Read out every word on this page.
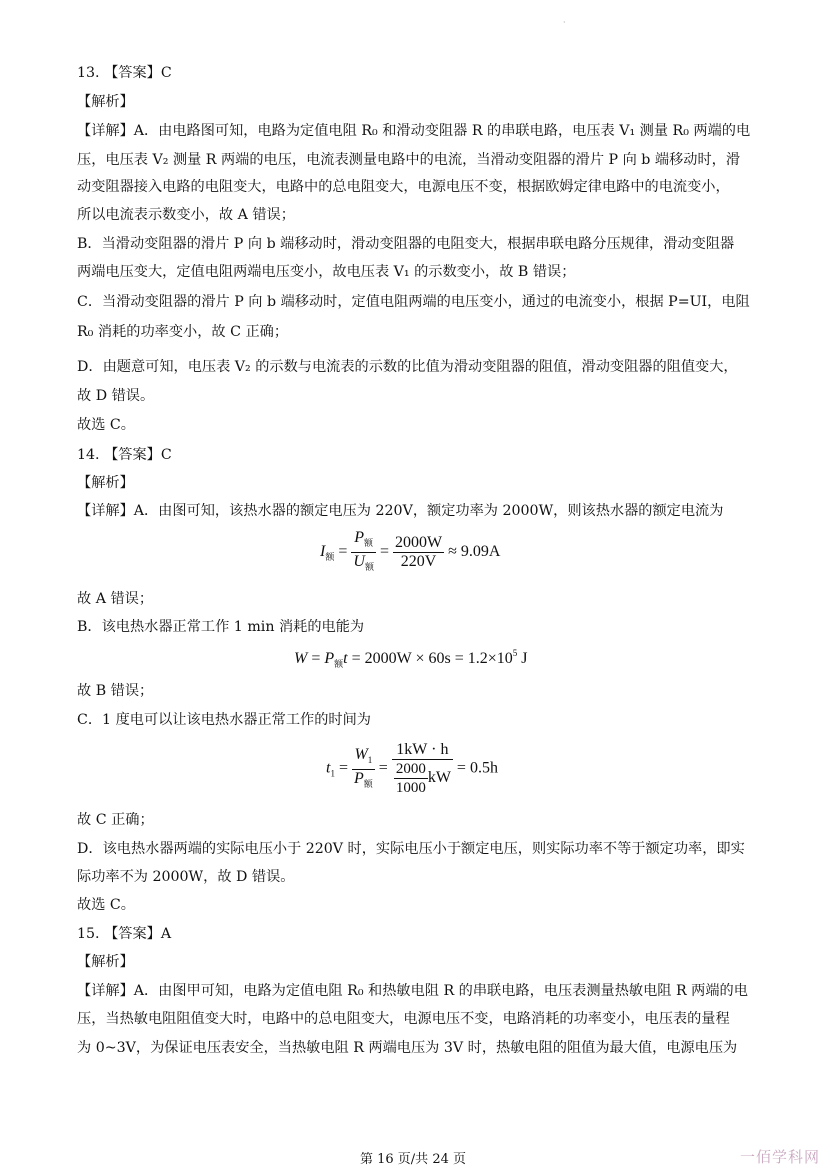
·
13. 【答案】C
【解析】
【详解】A．由电路图可知，电路为定值电阻 R₀ 和滑动变阻器 R 的串联电路，电压表 V₁ 测量 R₀ 两端的电
压，电压表 V₂ 测量 R 两端的电压，电流表测量电路中的电流，当滑动变阻器的滑片 P 向 b 端移动时，滑
动变阻器接入电路的电阻变大，电路中的总电阻变大，电源电压不变，根据欧姆定律电路中的电流变小，
所以电流表示数变小，故 A 错误；
B．当滑动变阻器的滑片 P 向 b 端移动时，滑动变阻器的电阻变大，根据串联电路分压规律，滑动变阻器
两端电压变大，定值电阻两端电压变小，故电压表 V₁ 的示数变小，故 B 错误；
C．当滑动变阻器的滑片 P 向 b 端移动时，定值电阻两端的电压变小，通过的电流变小，根据 P=UI，电阻
R₀ 消耗的功率变小，故 C 正确；
D．由题意可知，电压表 V₂ 的示数与电流表的示数的比值为滑动变阻器的阻值，滑动变阻器的阻值变大，
故 D 错误。
故选 C。
14. 【答案】C
【解析】
【详解】A．由图可知，该热水器的额定电压为 220V，额定功率为 2000W，则该热水器的额定电流为
$I_额 = \frac{P_额}{U_额} = \frac{2000W}{220V} \approx 9.09A$
故 A 错误；
B．该电热水器正常工作 1 min 消耗的电能为
$W = P_额t = 2000W \times 60s = 1.2\times 10^5$ J
故 B 错误；
C．1 度电可以让该电热水器正常工作的时间为
$t_1 = \frac{W_1}{P_额} = \frac{1kW \cdot h}{\frac{2000}{1000} kW} = 0.5h$
故 C 正确；
D．该电热水器两端的实际电压小于 220V 时，实际电压小于额定电压，则实际功率不等于额定功率，即实
际功率不为 2000W，故 D 错误。
故选 C。
15. 【答案】A
【解析】
【详解】A．由图甲可知，电路为定值电阻 R₀ 和热敏电阻 R 的串联电路，电压表测量热敏电阻 R 两端的电
压，当热敏电阻阻值变大时，电路中的总电阻变大，电源电压不变，电路消耗的功率变小，电压表的量程
为 0~3V，为保证电压表安全，当热敏电阻 R 两端电压为 3V 时，热敏电阻的阻值为最大值，电源电压为
第 16 页/共 24 页	一佰学科网
